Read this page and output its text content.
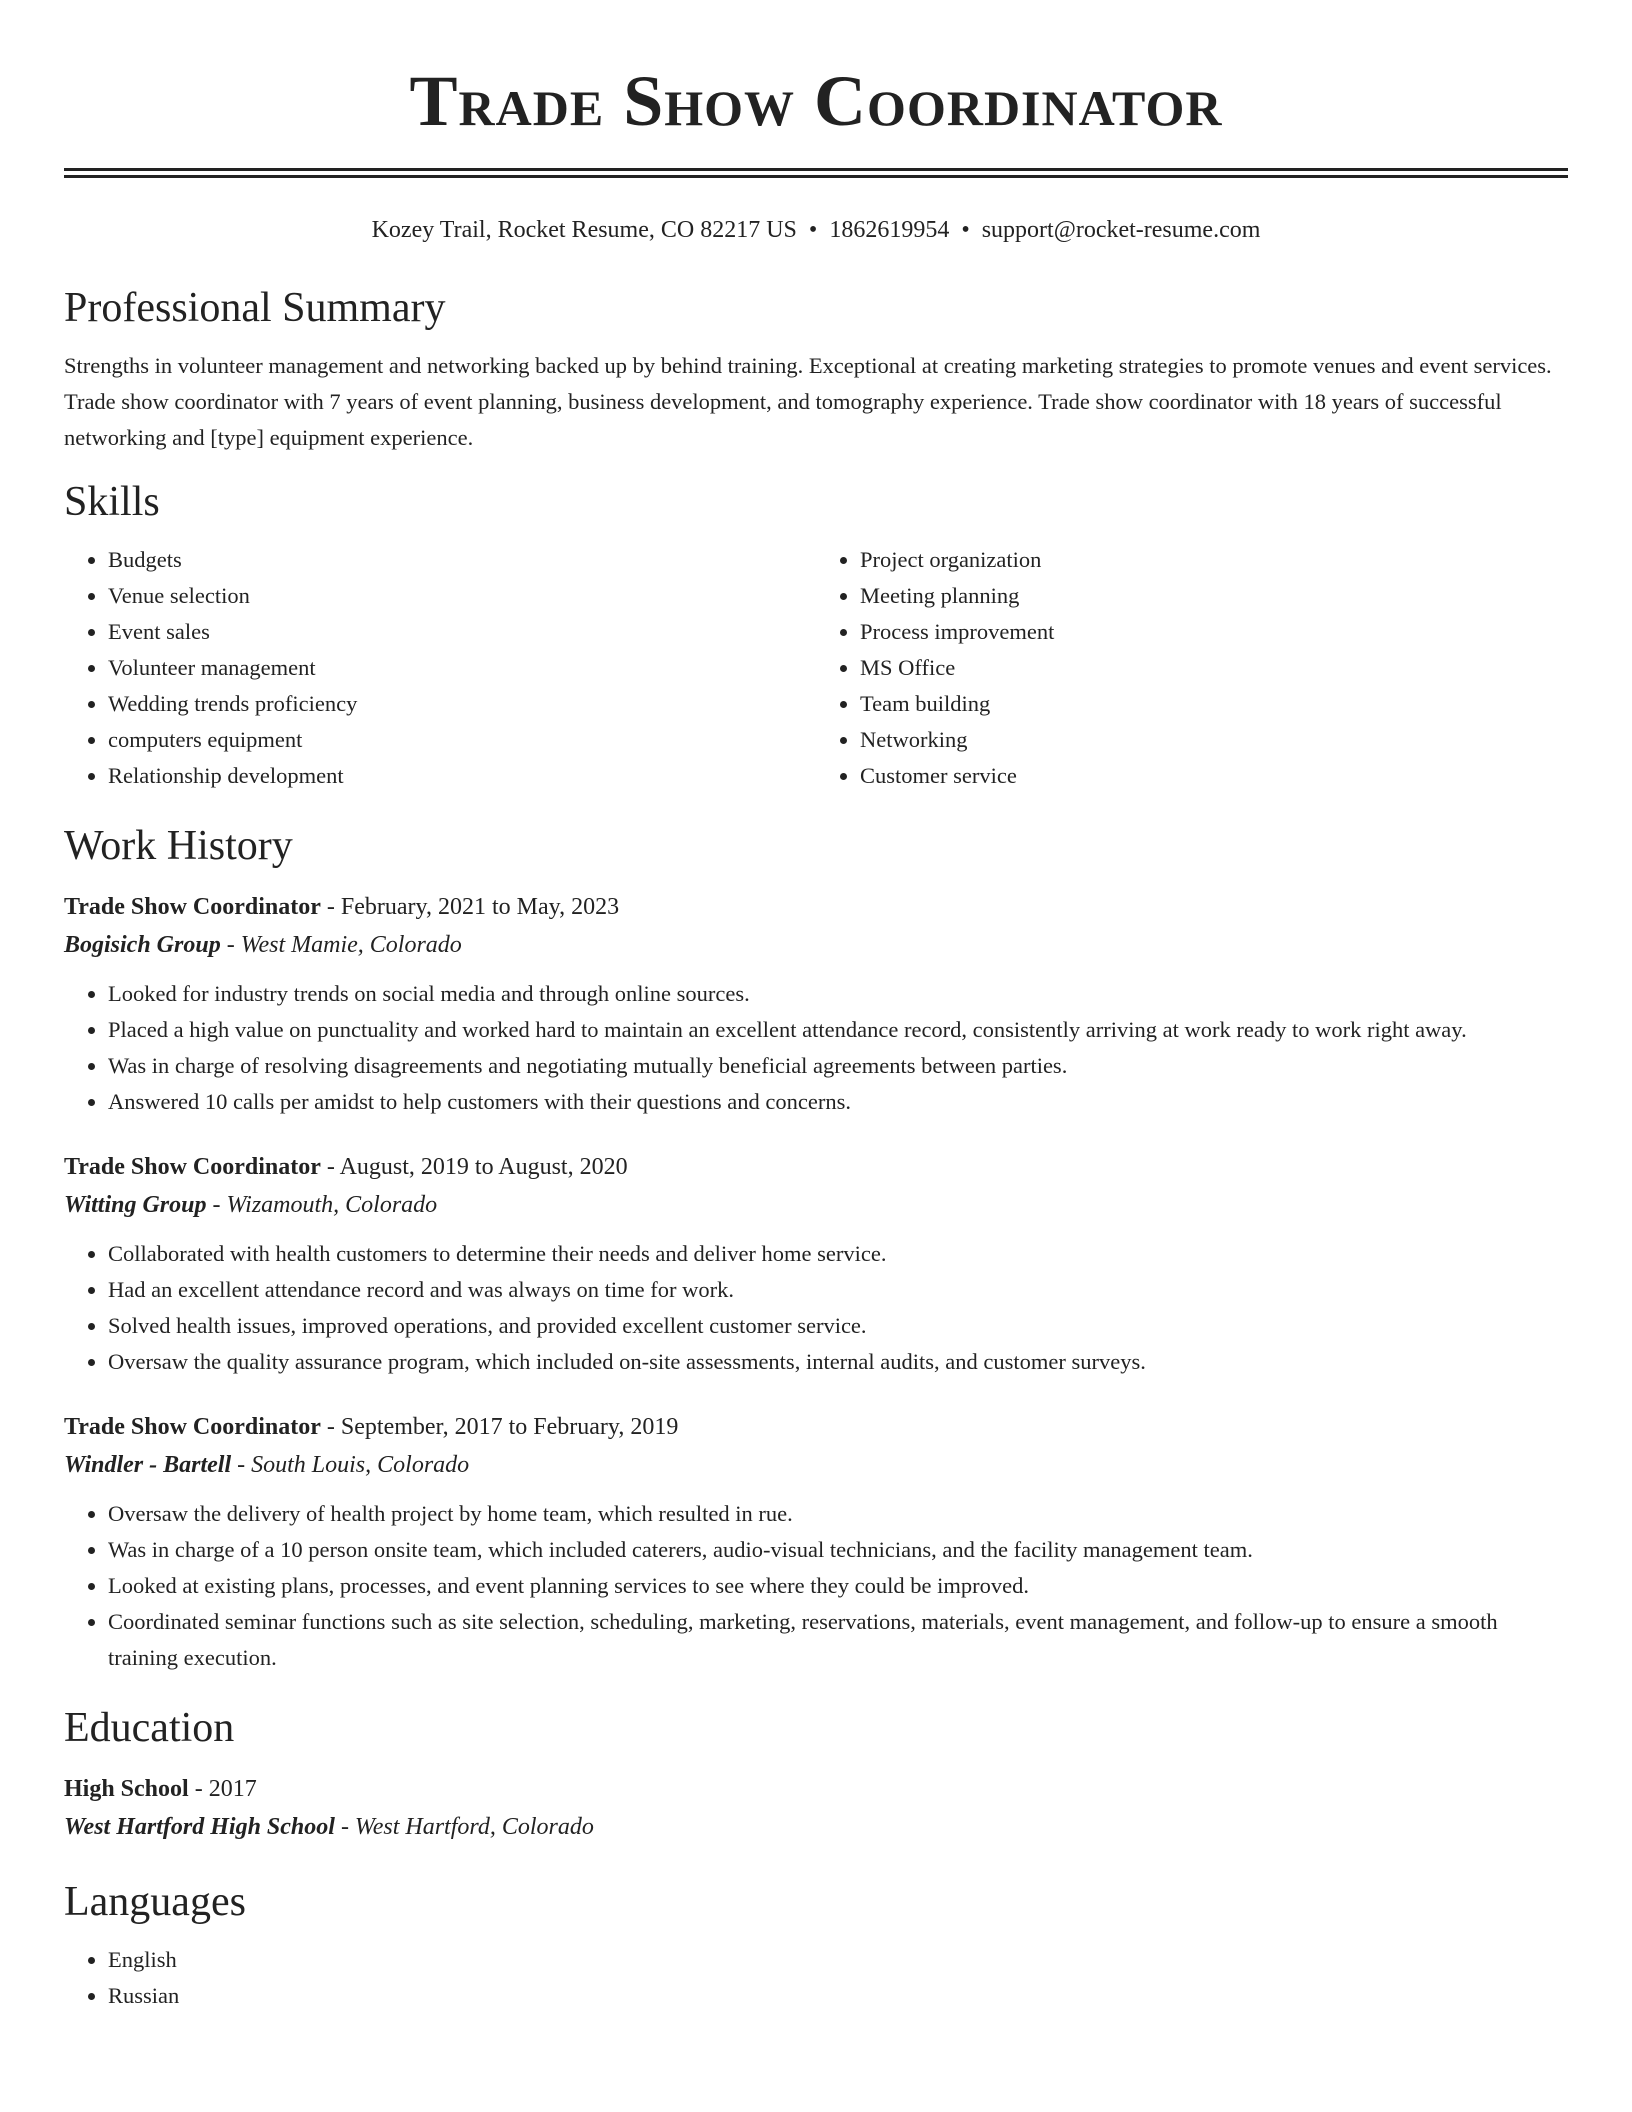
Trade Show Coordinator
Kozey Trail, Rocket Resume, CO 82217 US • 1862619954 • support@rocket-resume.com
Professional Summary

Strengths in volunteer management and networking backed up by behind training. Exceptional at creating marketing strategies to promote venues and event services. Trade show coordinator with 7 years of event planning, business development, and tomography experience. Trade show coordinator with 18 years of successful networking and [type] equipment experience.

Skills
• Budgets
• Venue selection
• Event sales
• Volunteer management
• Wedding trends proficiency
• computers equipment
• Relationship development
• Project organization
• Meeting planning
• Process improvement
• MS Office
• Team building
• Networking
• Customer service
Work History
Trade Show Coordinator - February, 2021 to May, 2023
Bogisich Group - West Mamie, Colorado
• Looked for industry trends on social media and through online sources.
• Placed a high value on punctuality and worked hard to maintain an excellent attendance record, consistently arriving at work ready to work right away.
• Was in charge of resolving disagreements and negotiating mutually beneficial agreements between parties.
• Answered 10 calls per amidst to help customers with their questions and concerns.
Trade Show Coordinator - August, 2019 to August, 2020
Witting Group - Wizamouth, Colorado
• Collaborated with health customers to determine their needs and deliver home service.
• Had an excellent attendance record and was always on time for work.
• Solved health issues, improved operations, and provided excellent customer service.
• Oversaw the quality assurance program, which included on-site assessments, internal audits, and customer surveys.
Trade Show Coordinator - September, 2017 to February, 2019
Windler - Bartell - South Louis, Colorado
• Oversaw the delivery of health project by home team, which resulted in rue.
• Was in charge of a 10 person onsite team, which included caterers, audio-visual technicians, and the facility management team.
• Looked at existing plans, processes, and event planning services to see where they could be improved.
• Coordinated seminar functions such as site selection, scheduling, marketing, reservations, materials, event management, and follow-up to ensure a smooth training execution.
Education
High School - 2017
West Hartford High School - West Hartford, Colorado
Languages
• English
• Russian
